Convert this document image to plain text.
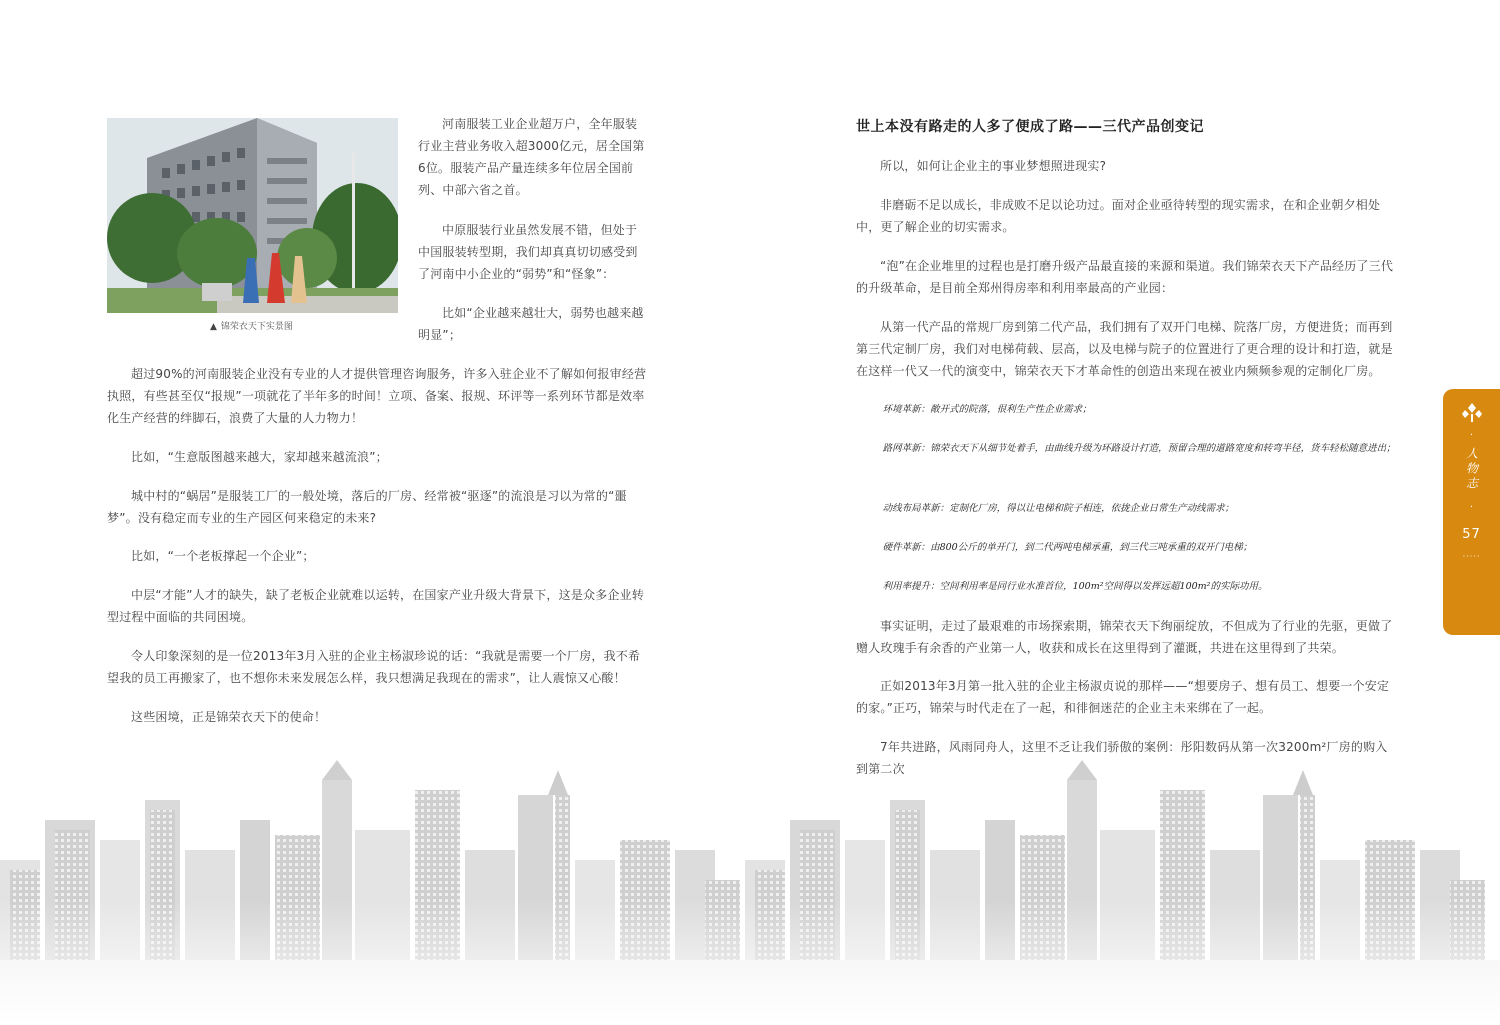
▲ 锦荣衣天下实景图

河南服装工业企业超万户，全年服装行业主营业务收入超3000亿元，居全国第6位。服装产品产量连续多年位居全国前列、中部六省之首。

中原服装行业虽然发展不错，但处于中国服装转型期，我们却真真切切感受到了河南中小企业的“弱势”和“怪象”：

比如“企业越来越壮大，弱势也越来越明显”；

超过90%的河南服装企业没有专业的人才提供管理咨询服务，许多入驻企业不了解如何报审经营执照，有些甚至仅“报规”一项就花了半年多的时间！立项、备案、报规、环评等一系列环节都是效率化生产经营的绊脚石，浪费了大量的人力物力！

比如，“生意版图越来越大，家却越来越流浪”；

城中村的“蜗居”是服装工厂的一般处境，落后的厂房、经常被“驱逐”的流浪是习以为常的“噩梦”。没有稳定而专业的生产园区何来稳定的未来?

比如，“一个老板撑起一个企业”；

中层“才能”人才的缺失，缺了老板企业就难以运转，在国家产业升级大背景下，这是众多企业转型过程中面临的共同困境。

令人印象深刻的是一位2013年3月入驻的企业主杨淑珍说的话：“我就是需要一个厂房，我不希望我的员工再搬家了，也不想你未来发展怎么样，我只想满足我现在的需求”，让人震惊又心酸！

这些困境，正是锦荣衣天下的使命！

世上本没有路走的人多了便成了路——三代产品创变记

所以，如何让企业主的事业梦想照进现实?

非磨砺不足以成长，非成败不足以论功过。面对企业亟待转型的现实需求，在和企业朝夕相处中，更了解企业的切实需求。

“泡”在企业堆里的过程也是打磨升级产品最直接的来源和渠道。我们锦荣衣天下产品经历了三代的升级革命，是目前全郑州得房率和利用率最高的产业园：

从第一代产品的常规厂房到第二代产品，我们拥有了双开门电梯、院落厂房，方便进货；而再到第三代定制厂房，我们对电梯荷载、层高，以及电梯与院子的位置进行了更合理的设计和打造，就是在这样一代又一代的演变中，锦荣衣天下才革命性的创造出来现在被业内频频参观的定制化厂房。

环境革新：敞开式的院落，很利生产性企业需求；

路网革新：锦荣衣天下从细节处着手，由曲线升级为环路设计打造，预留合理的道路宽度和转弯半径，货车轻松随意进出；

动线布局革新：定制化厂房，得以让电梯和院子相连，依拢企业日常生产动线需求；

硬件革新：由800公斤的单开门，到二代两吨电梯承重，到三代三吨承重的双开门电梯；

利用率提升：空间利用率是同行业水准首位，100m²空间得以发挥远超100m²的实际功用。

事实证明，走过了最艰难的市场探索期，锦荣衣天下绚丽绽放，不但成为了行业的先驱，更做了赠人玫瑰手有余香的产业第一人，收获和成长在这里得到了灌溉，共进在这里得到了共荣。

正如2013年3月第一批入驻的企业主杨淑贞说的那样——“想要房子、想有员工、想要一个安定的家。”正巧，锦荣与时代走在了一起，和徘徊迷茫的企业主未来绑在了一起。

7年共进路，风雨同舟人，这里不乏让我们骄傲的案例：彤阳数码从第一次3200m²厂房的购入到第二次

·
人物志
·
57
·····
